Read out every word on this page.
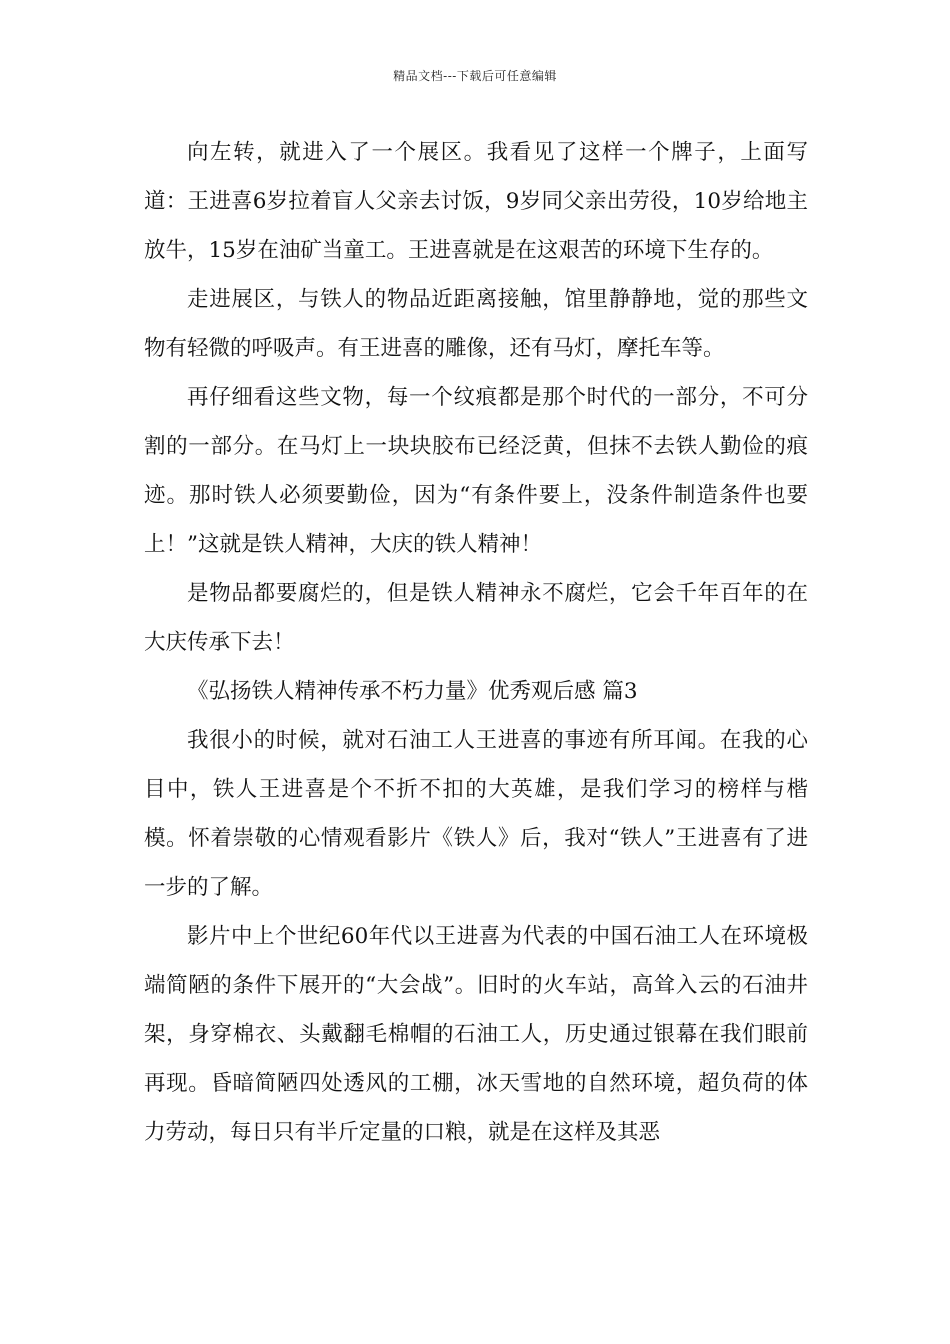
精品文档---下载后可任意编辑

向左转，就进入了一个展区。我看见了这样一个牌子，上面写道：王进喜6岁拉着盲人父亲去讨饭，9岁同父亲出劳役，10岁给地主放牛，15岁在油矿当童工。王进喜就是在这艰苦的环境下生存的。

走进展区，与铁人的物品近距离接触，馆里静静地，觉的那些文物有轻微的呼吸声。有王进喜的雕像，还有马灯，摩托车等。

再仔细看这些文物，每一个纹痕都是那个时代的一部分，不可分割的一部分。在马灯上一块块胶布已经泛黄，但抹不去铁人勤俭的痕迹。那时铁人必须要勤俭，因为“有条件要上，没条件制造条件也要上！”这就是铁人精神，大庆的铁人精神！

是物品都要腐烂的，但是铁人精神永不腐烂，它会千年百年的在大庆传承下去！

《弘扬铁人精神传承不朽力量》优秀观后感 篇3

我很小的时候，就对石油工人王进喜的事迹有所耳闻。在我的心目中，铁人王进喜是个不折不扣的大英雄，是我们学习的榜样与楷模。怀着崇敬的心情观看影片《铁人》后，我对“铁人”王进喜有了进一步的了解。

影片中上个世纪60年代以王进喜为代表的中国石油工人在环境极端简陋的条件下展开的“大会战”。旧时的火车站，高耸入云的石油井架，身穿棉衣、头戴翻毛棉帽的石油工人，历史通过银幕在我们眼前再现。昏暗简陋四处透风的工棚，冰天雪地的自然环境，超负荷的体力劳动，每日只有半斤定量的口粮，就是在这样及其恶
